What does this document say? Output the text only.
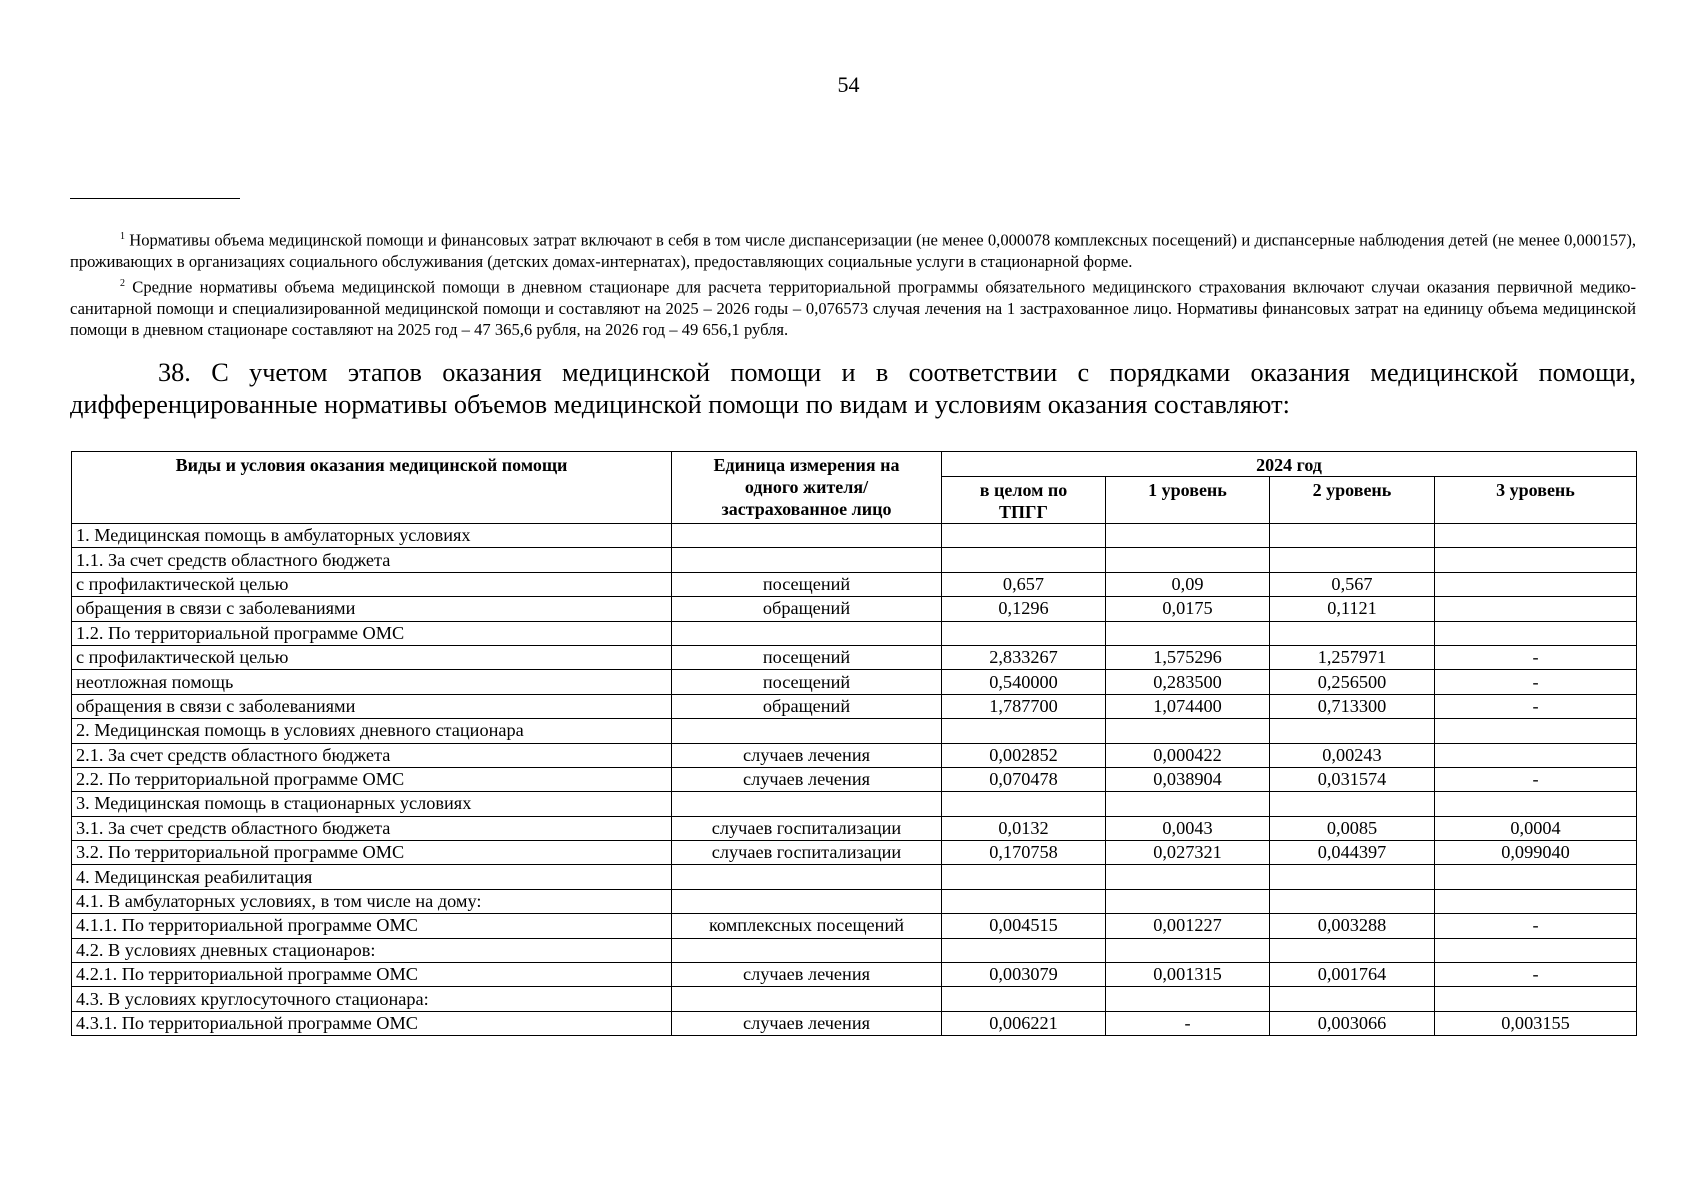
54

$^1$ Нормативы объема медицинской помощи и финансовых затрат включают в себя в том числе диспансеризации (не менее 0,000078 комплексных посещений) и диспансерные наблюдения детей (не менее 0,000157), проживающих в организациях социального обслуживания (детских домах-интернатах), предоставляющих социальные услуги в стационарной форме.

$^2$ Средние нормативы объема медицинской помощи в дневном стационаре для расчета территориальной программы обязательного медицинского страхования включают случаи оказания первичной медико-санитарной помощи и специализированной медицинской помощи и составляют на 2025 – 2026 годы – 0,076573 случая лечения на 1 застрахованное лицо. Нормативы финансовых затрат на единицу объема медицинской помощи в дневном стационаре составляют на 2025 год – 47 365,6 рубля, на 2026 год – 49 656,1 рубля.

38. С учетом этапов оказания медицинской помощи и в соответствии с порядками оказания медицинской помощи, дифференцированные нормативы объемов медицинской помощи по видам и условиям оказания составляют:

Виды и условия оказания медицинской помощи	Единица измерения на одного жителя/ застрахованное лицо	2024 год			
		в целом по ТПГГ	1 уровень	2 уровень	3 уровень
1. Медицинская помощь в амбулаторных условиях					
1.1. За счет средств областного бюджета					
с профилактической целью	посещений	0,657	0,09	0,567	
обращения в связи с заболеваниями	обращений	0,1296	0,0175	0,1121	
1.2. По территориальной программе ОМС					
с профилактической целью	посещений	2,833267	1,575296	1,257971	-
неотложная помощь	посещений	0,540000	0,283500	0,256500	-
обращения в связи с заболеваниями	обращений	1,787700	1,074400	0,713300	-
2. Медицинская помощь в условиях дневного стационара					
2.1. За счет средств областного бюджета	случаев лечения	0,002852	0,000422	0,00243	
2.2. По территориальной программе ОМС	случаев лечения	0,070478	0,038904	0,031574	-
3. Медицинская помощь в стационарных условиях					
3.1. За счет средств областного бюджета	случаев госпитализации	0,0132	0,0043	0,0085	0,0004
3.2. По территориальной программе ОМС	случаев госпитализации	0,170758	0,027321	0,044397	0,099040
4. Медицинская реабилитация					
4.1. В амбулаторных условиях, в том числе на дому:					
4.1.1. По территориальной программе ОМС	комплексных посещений	0,004515	0,001227	0,003288	-
4.2. В условиях дневных стационаров:					
4.2.1. По территориальной программе ОМС	случаев лечения	0,003079	0,001315	0,001764	-
4.3. В условиях круглосуточного стационара:					
4.3.1. По территориальной программе ОМС	случаев лечения	0,006221	-	0,003066	0,003155
